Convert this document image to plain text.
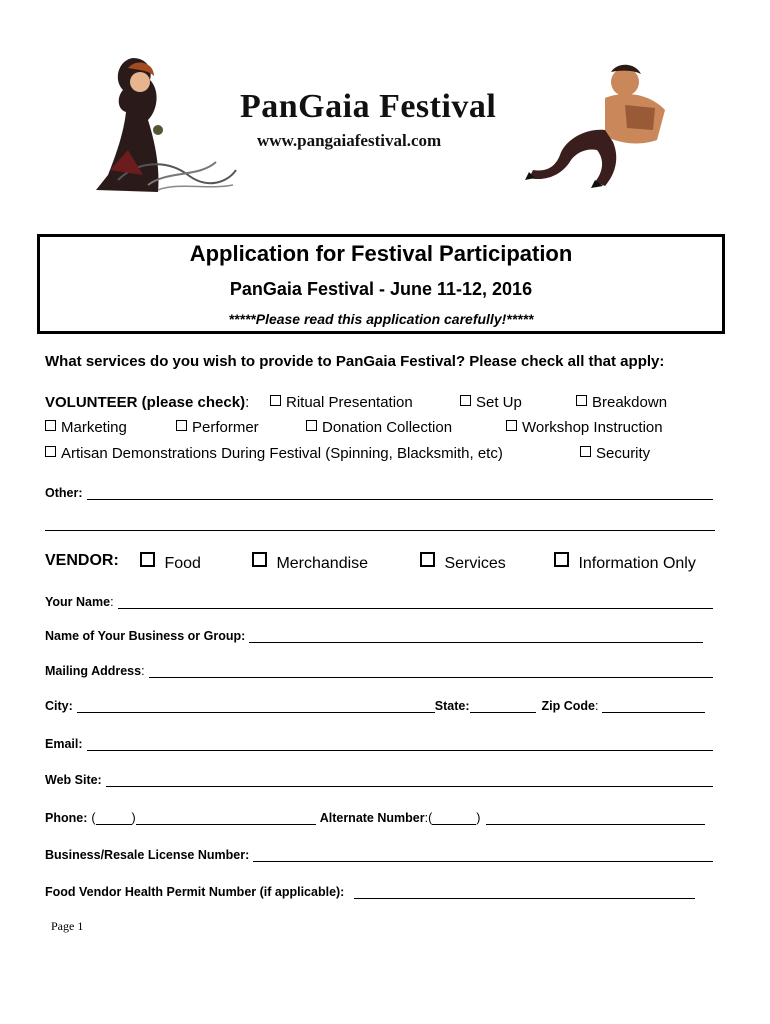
PanGaia Festival
www.pangaiafestival.com
Application for Festival Participation
PanGaia Festival - June 11-12, 2016
*****Please read this application carefully!*****
What services do you wish to provide to PanGaia Festival? Please check all that apply:
VOLUNTEER (please check):	Ritual Presentation	Set Up	Breakdown
Marketing	Performer	Donation Collection	Workshop Instruction
Artisan Demonstrations During Festival (Spinning, Blacksmith, etc)	Security
Other:
VENDOR:	Food	Merchandise	Services	Information Only
Your Name :
Name of Your Business or Group:
Mailing Address :
City:	State:	Zip Code :
Email:
Web Site:
Phone: (	)	Alternate Number : (	)
Business/Resale License Number:
Food Vendor Health Permit Number (if applicable):
Page 1
